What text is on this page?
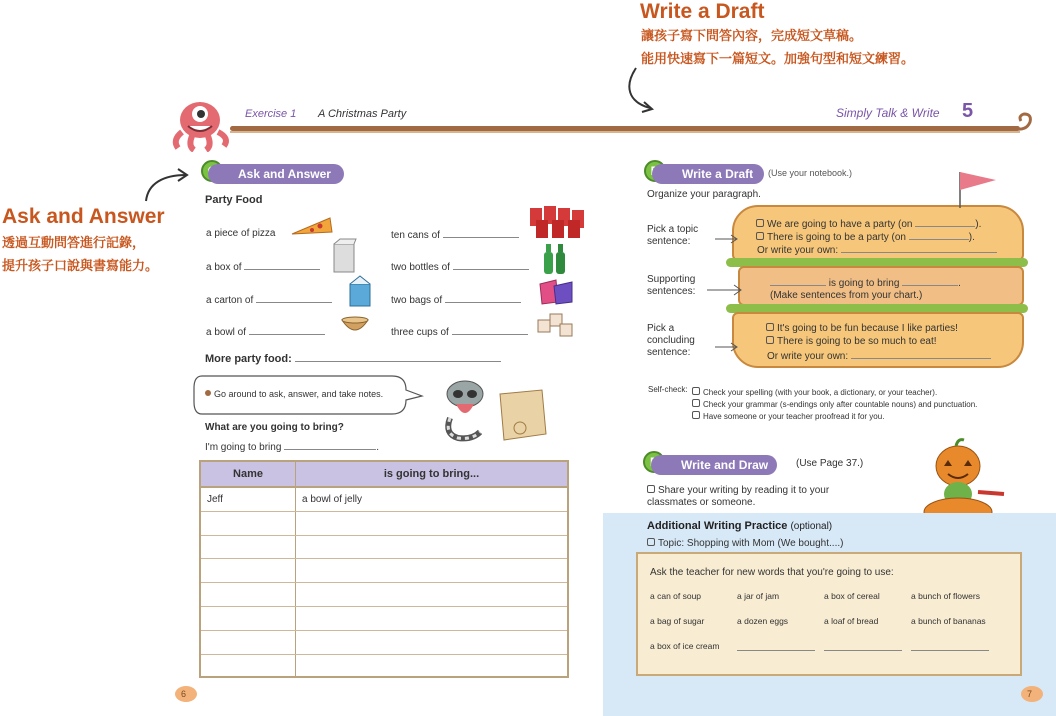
Write a Draft
讓孩子寫下問答內容，完成短文草稿。
能用快速寫下一篇短文。加強句型和短文練習。
Ask and Answer
透過互動問答進行記錄，
提升孩子口說與書寫能力。
Exercise 1 A Christmas Party	Simply Talk & Write 5
Ask and Answer
Party Food
a piece of pizza
a box of
a carton of
a bowl of
ten cans of
two bottles of
two bags of
three cups of
More party food:
Go around to ask, answer, and take notes.
What are you going to bring?
I'm going to bring	.
Name	is going to bring...
Jeff	a bowl of jelly
6
Write a Draft	(Use your notebook.)
Organize your paragraph.
Pick a topic sentence:
We are going to have a party (on	).
There is going to be a party (on	).
Or write your own:
Supporting sentences:
is going to bring	.
(Make sentences from your chart.)
Pick a concluding sentence:
It's going to be fun because I like parties!
There is going to be so much to eat!
Or write your own:
Self-check:	Check your spelling (with your book, a dictionary, or your teacher).
Check your grammar (s-endings only after countable nouns) and punctuation.
Have someone or your teacher proofread it for you.
Write and Draw	(Use Page 37.)
Share your writing by reading it to your classmates or someone.
Additional Writing Practice (optional)
Topic: Shopping with Mom (We bought....)
Ask the teacher for new words that you're going to use:
a can of soup	a jar of jam	a box of cereal	a bunch of flowers
a bag of sugar	a dozen eggs	a loaf of bread	a bunch of bananas
a box of ice cream
7
